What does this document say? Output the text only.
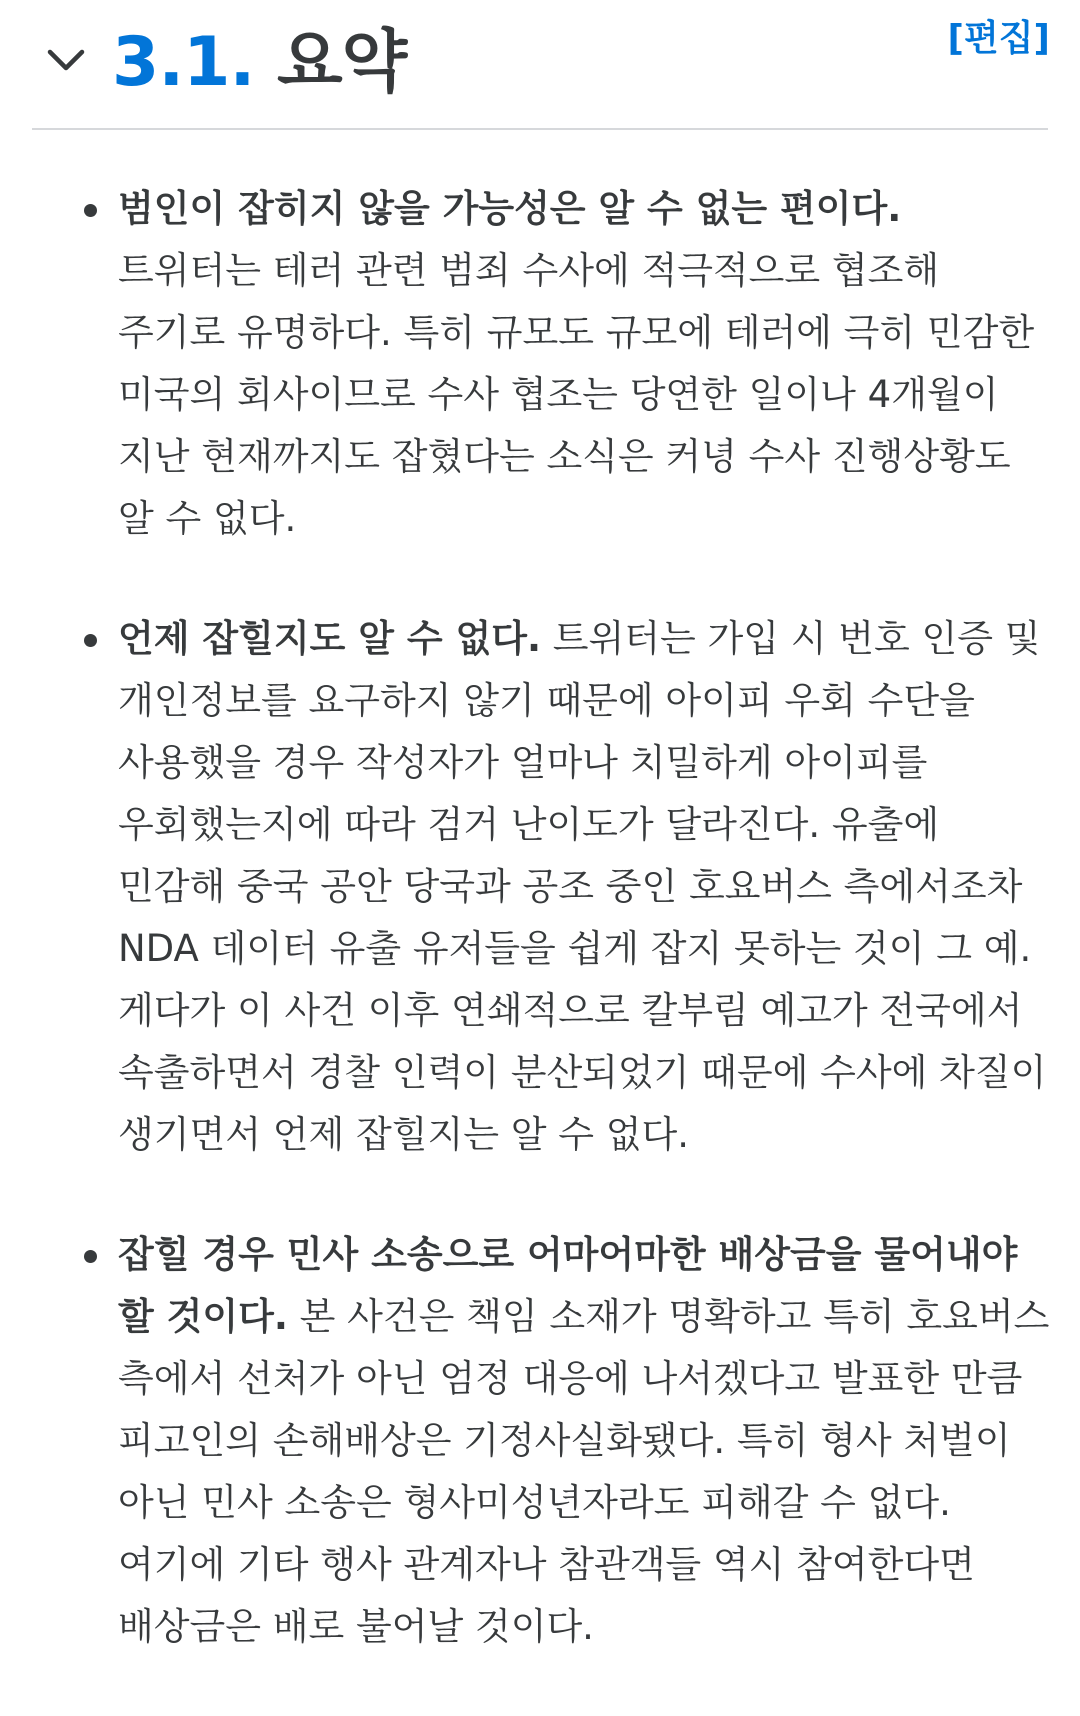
3.1. 요약	[편집]
범인이 잡히지 않을 가능성은 알 수 없는 편이다. 트위터는 테러 관련 범죄 수사에 적극적으로 협조해 주기로 유명하다. 특히 규모도 규모에 테러에 극히 민감한 미국의 회사이므로 수사 협조는 당연한 일이나 4개월이 지난 현재까지도 잡혔다는 소식은 커녕 수사 진행상황도 알 수 없다.
언제 잡힐지도 알 수 없다. 트위터는 가입 시 번호 인증 및 개인정보를 요구하지 않기 때문에 아이피 우회 수단을 사용했을 경우 작성자가 얼마나 치밀하게 아이피를 우회했는지에 따라 검거 난이도가 달라진다. 유출에 민감해 중국 공안 당국과 공조 중인 호요버스 측에서조차 NDA 데이터 유출 유저들을 쉽게 잡지 못하는 것이 그 예. 게다가 이 사건 이후 연쇄적으로 칼부림 예고가 전국에서 속출하면서 경찰 인력이 분산되었기 때문에 수사에 차질이 생기면서 언제 잡힐지는 알 수 없다.
잡힐 경우 민사 소송으로 어마어마한 배상금을 물어내야 할 것이다. 본 사건은 책임 소재가 명확하고 특히 호요버스 측에서 선처가 아닌 엄정 대응에 나서겠다고 발표한 만큼 피고인의 손해배상은 기정사실화됐다. 특히 형사 처벌이 아닌 민사 소송은 형사미성년자라도 피해갈 수 없다. 여기에 기타 행사 관계자나 참관객들 역시 참여한다면 배상금은 배로 불어날 것이다.
